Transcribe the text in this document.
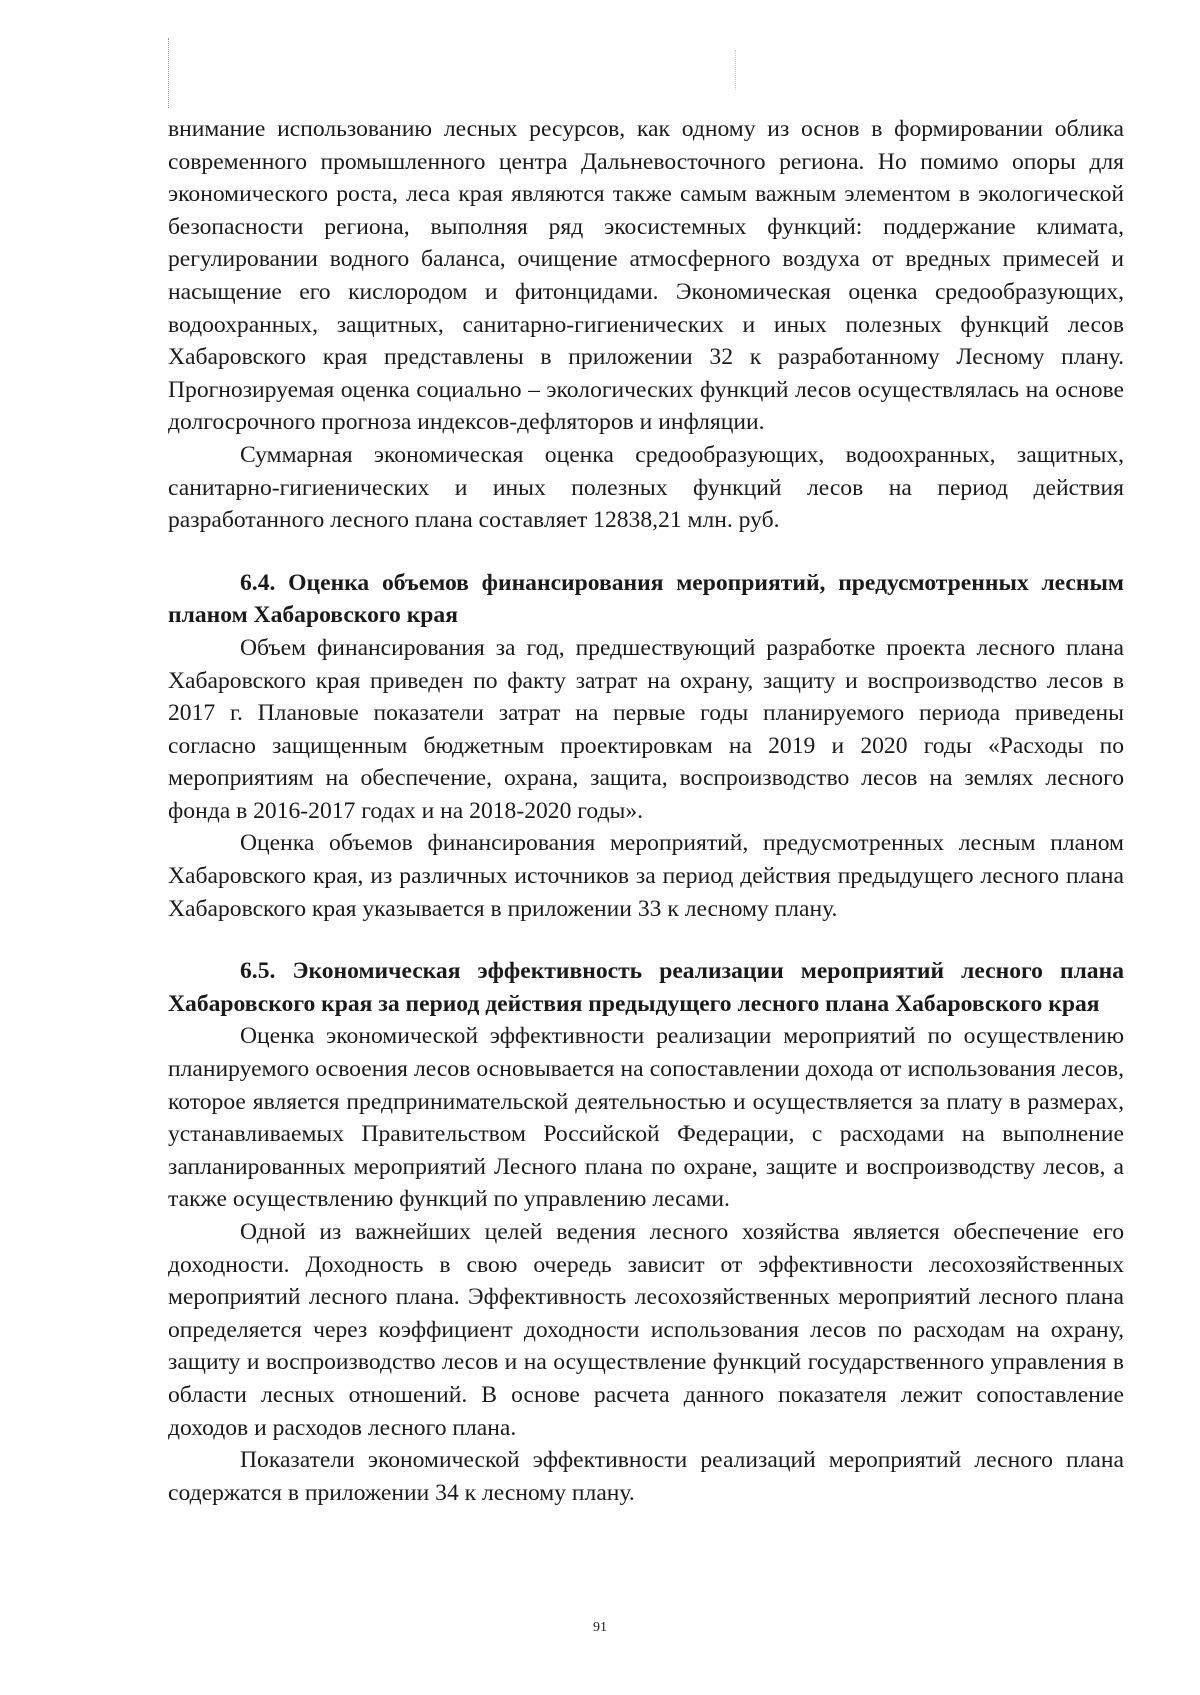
внимание использованию лесных ресурсов, как одному из основ в формировании облика современного промышленного центра Дальневосточного региона. Но помимо опоры для экономического роста, леса края являются также самым важным элементом в экологической безопасности региона, выполняя ряд экосистемных функций: поддержание климата, регулировании водного баланса, очищение атмосферного воздуха от вредных примесей и насыщение его кислородом и фитонцидами. Экономическая оценка средообразующих, водоохранных, защитных, санитарно-гигиенических и иных полезных функций лесов Хабаровского края представлены в приложении 32 к разработанному Лесному плану. Прогнозируемая оценка социально – экологических функций лесов осуществлялась на основе долгосрочного прогноза индексов-дефляторов и инфляции.

Суммарная экономическая оценка средообразующих, водоохранных, защитных, санитарно-гигиенических и иных полезных функций лесов на период действия разработанного лесного плана составляет 12838,21 млн. руб.

6.4. Оценка объемов финансирования мероприятий, предусмотренных лесным планом Хабаровского края

Объем финансирования за год, предшествующий разработке проекта лесного плана Хабаровского края приведен по факту затрат на охрану, защиту и воспроизводство лесов в 2017 г. Плановые показатели затрат на первые годы планируемого периода приведены согласно защищенным бюджетным проектировкам на 2019 и 2020 годы «Расходы по мероприятиям на обеспечение, охрана, защита, воспроизводство лесов на землях лесного фонда в 2016-2017 годах и на 2018-2020 годы».

Оценка объемов финансирования мероприятий, предусмотренных лесным планом Хабаровского края, из различных источников за период действия предыдущего лесного плана Хабаровского края указывается в приложении 33 к лесному плану.

6.5. Экономическая эффективность реализации мероприятий лесного плана Хабаровского края за период действия предыдущего лесного плана Хабаровского края

Оценка экономической эффективности реализации мероприятий по осуществлению планируемого освоения лесов основывается на сопоставлении дохода от использования лесов, которое является предпринимательской деятельностью и осуществляется за плату в размерах, устанавливаемых Правительством Российской Федерации, с расходами на выполнение запланированных мероприятий Лесного плана по охране, защите и воспроизводству лесов, а также осуществлению функций по управлению лесами.

Одной из важнейших целей ведения лесного хозяйства является обеспечение его доходности. Доходность в свою очередь зависит от эффективности лесохозяйственных мероприятий лесного плана. Эффективность лесохозяйственных мероприятий лесного плана определяется через коэффициент доходности использования лесов по расходам на охрану, защиту и воспроизводство лесов и на осуществление функций государственного управления в области лесных отношений. В основе расчета данного показателя лежит сопоставление доходов и расходов лесного плана.

Показатели экономической эффективности реализаций мероприятий лесного плана содержатся в приложении 34 к лесному плану.

91
